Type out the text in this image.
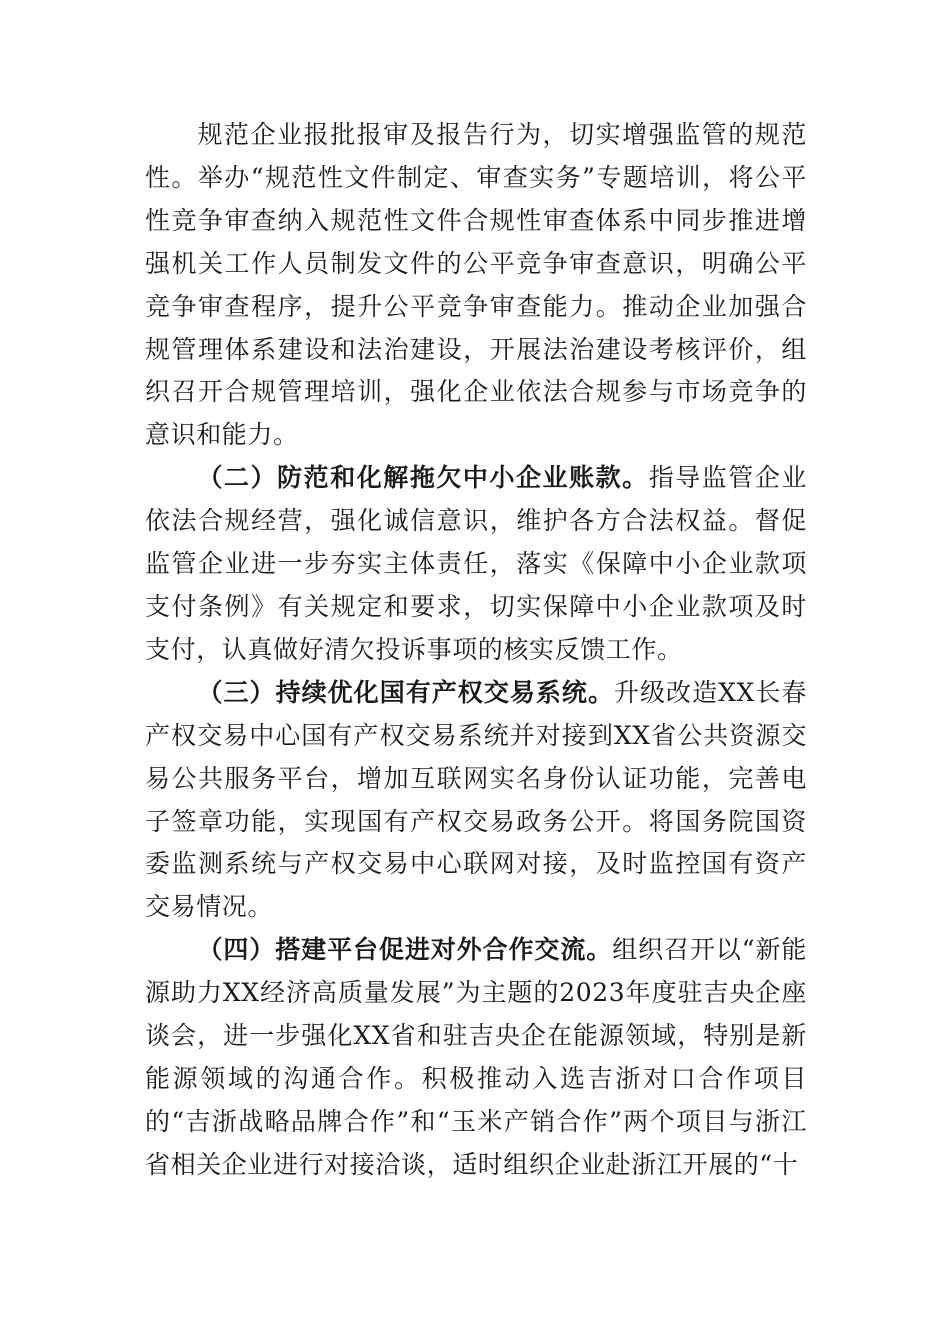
规范企业报批报审及报告行为，切实增强监管的规范性。举办“规范性文件制定、审查实务”专题培训，将公平性竞争审查纳入规范性文件合规性审查体系中同步推进增强机关工作人员制发文件的公平竞争审查意识，明确公平竞争审查程序，提升公平竞争审查能力。推动企业加强合规管理体系建设和法治建设，开展法治建设考核评价，组织召开合规管理培训，强化企业依法合规参与市场竞争的意识和能力。

（二）防范和化解拖欠中小企业账款。指导监管企业依法合规经营，强化诚信意识，维护各方合法权益。督促监管企业进一步夯实主体责任，落实《保障中小企业款项支付条例》有关规定和要求，切实保障中小企业款项及时支付，认真做好清欠投诉事项的核实反馈工作。

（三）持续优化国有产权交易系统。升级改造XX长春产权交易中心国有产权交易系统并对接到XX省公共资源交易公共服务平台，增加互联网实名身份认证功能，完善电子签章功能，实现国有产权交易政务公开。将国务院国资委监测系统与产权交易中心联网对接，及时监控国有资产交易情况。

（四）搭建平台促进对外合作交流。组织召开以“新能源助力XX经济高质量发展”为主题的2023年度驻吉央企座谈会，进一步强化XX省和驻吉央企在能源领域，特别是新能源领域的沟通合作。积极推动入选吉浙对口合作项目的“吉浙战略品牌合作”和“玉米产销合作”两个项目与浙江省相关企业进行对接洽谈，适时组织企业赴浙江开展的“十
